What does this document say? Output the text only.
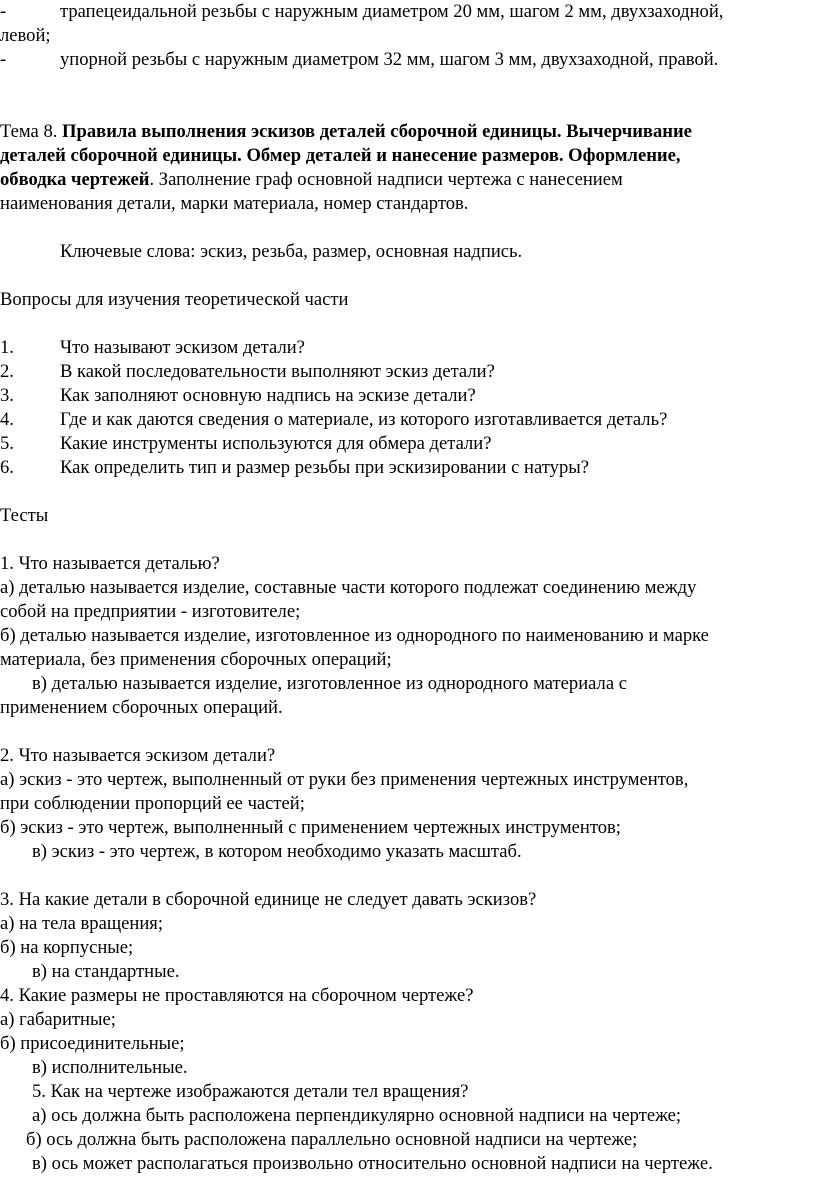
-	трапецеидальной резьбы с наружным диаметром 20 мм, шагом 2 мм, двухзаходной,
левой;
-	упорной резьбы с наружным диаметром 32 мм, шагом 3 мм, двухзаходной, правой.
Тема 8. Правила выполнения эскизов деталей сборочной единицы. Вычерчивание
деталей сборочной единицы. Обмер деталей и нанесение размеров. Оформление,
обводка чертежей. Заполнение граф основной надписи чертежа с нанесением
наименования детали, марки материала, номер стандартов.
Ключевые слова: эскиз, резьба, размер, основная надпись.
Вопросы для изучения теоретической части
1. Что называют эскизом детали?
2. В какой последовательности выполняют эскиз детали?
3. Как заполняют основную надпись на эскизе детали?
4. Где и как даются сведения о материале, из которого изготавливается деталь?
5. Какие инструменты используются для обмера детали?
6. Как определить тип и размер резьбы при эскизировании с натуры?
Тесты
1. Что называется деталью?
а) деталью называется изделие, составные части которого подлежат соединению между
собой на предприятии - изготовителе;
б) деталью называется изделие, изготовленное из однородного по наименованию и марке
материала, без применения сборочных операций;
в) деталью называется изделие, изготовленное из однородного материала с
применением сборочных операций.
2. Что называется эскизом детали?
а) эскиз - это чертеж, выполненный от руки без применения чертежных инструментов,
при соблюдении пропорций ее частей;
б) эскиз - это чертеж, выполненный с применением чертежных инструментов;
в) эскиз - это чертеж, в котором необходимо указать масштаб.
3. На какие детали в сборочной единице не следует давать эскизов?
а) на тела вращения;
б) на корпусные;
в) на стандартные.
4. Какие размеры не проставляются на сборочном чертеже?
а) габаритные;
б) присоединительные;
в) исполнительные.
5. Как на чертеже изображаются детали тел вращения?
а) ось должна быть расположена перпендикулярно основной надписи на чертеже;
б) ось должна быть расположена параллельно основной надписи на чертеже;
в) ось может располагаться произвольно относительно основной надписи на чертеже.
